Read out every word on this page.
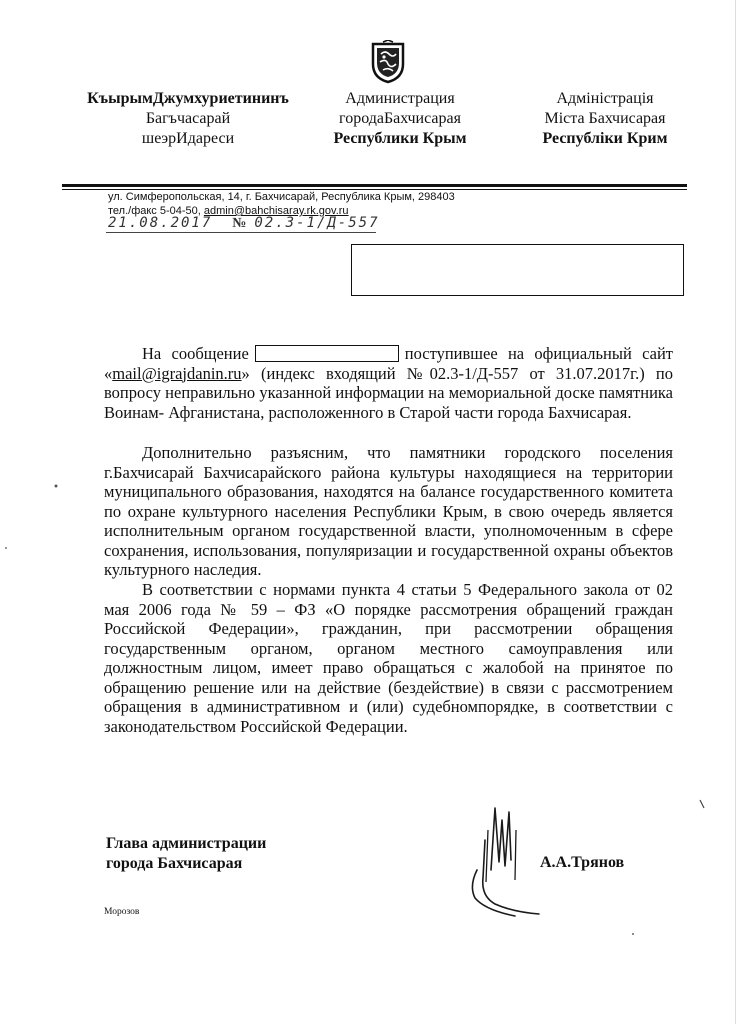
КъырымДжумхуриетининъ
Багъчасарай
шеэрИдареси
Администрация
городаБахчисарая
Республики Крым
Адміністрація
Міста Бахчисарая
Республіки Крим
ул. Симферопольская, 14, г. Бахчисарай, Республика Крым, 298403
тел./факс 5-04-50, admin@bahchisaray.rk.gov.ru
21.08.2017 № 02.3-1/Д-557

На сообщение	поступившее на официальный сайт «mail@igrajdanin.ru» (индекс входящий №02.3-1/Д-557 от 31.07.2017г.) по вопросу неправильно указанной информации на мемориальной доске памятника Воинам- Афганистана, расположенного в Старой части города Бахчисарая.

Дополнительно разъясним, что памятники городского поселения г.Бахчисарай Бахчисарайского района культуры находящиеся на территории муниципального образования, находятся на балансе государственного комитета по охране культурного населения Республики Крым, в свою очередь является исполнительным органом государственной власти, уполномоченным в сфере сохранения, использования, популяризации и государственной охраны объектов культурного наследия.

В соответствии с нормами пункта 4 статьи 5 Федерального закола от 02 мая 2006 года № 59 – ФЗ «О порядке рассмотрения обращений граждан Российской Федерации», гражданин, при рассмотрении обращения государственным органом, органом местного самоуправления или должностным лицом, имеет право обращаться с жалобой на принятое по обращению решение или на действие (бездействие) в связи с рассмотрением обращения в административном и (или) судебномпорядке, в соответствии с законодательством Российской Федерации.

Глава администрации
города Бахчисарая	А.А.Трянов
Морозов
